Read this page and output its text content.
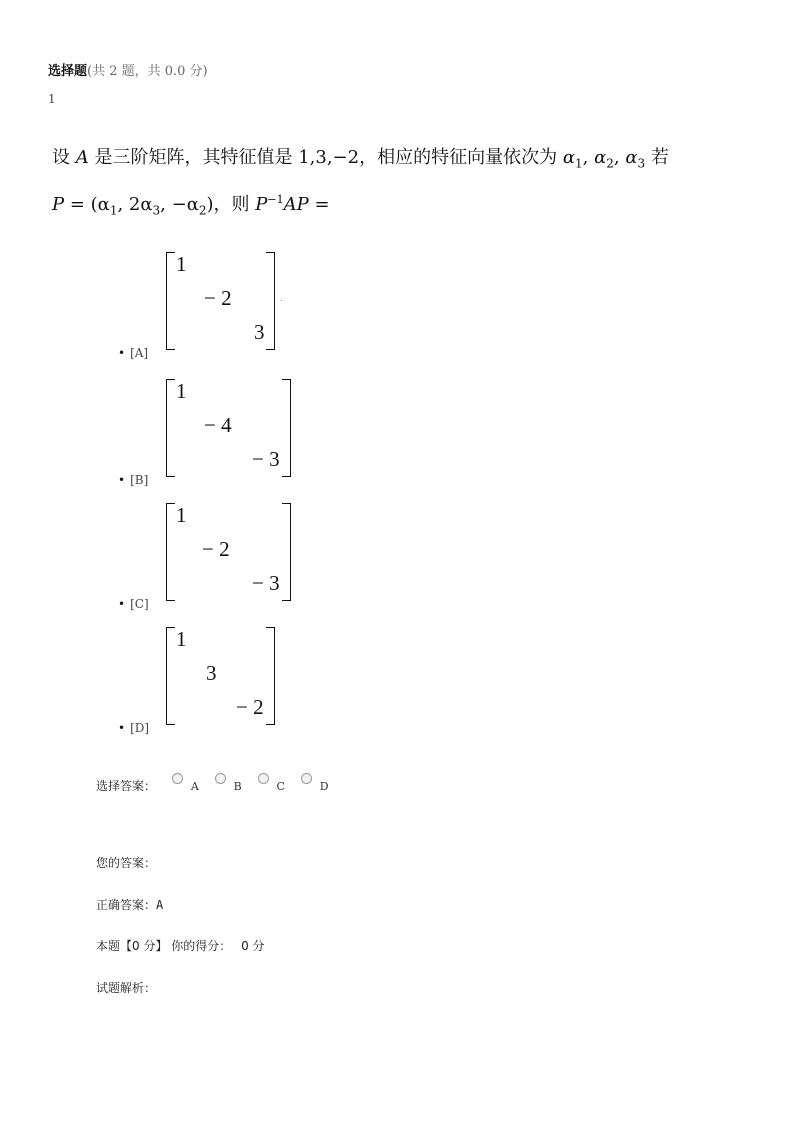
选择题(共 2 题，共 0.0 分)
1
设 A 是三阶矩阵，其特征值是 1,3,−2，相应的特征向量依次为 $\alpha_1$, $\alpha_2$, $\alpha_3$ 若
$P = (\alpha_1$, $2\alpha_3$, $-\alpha_2$)，则 $P^{-1}AP$ =
• [A]
1
− 2
3
.
• [B]
1
− 4
− 3
• [C]
1
− 2
− 3
• [D]
1
3
− 2
选择答案：	A	B	C	D
您的答案：
正确答案：A
本题【0 分】 你的得分： 0 分
试题解析：
